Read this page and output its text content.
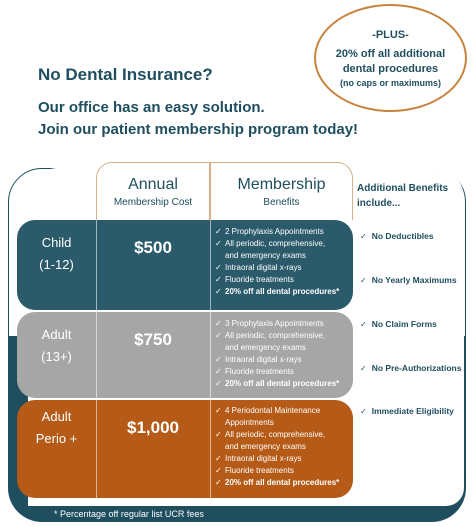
-PLUS-
20% off all additional dental procedures
(no caps or maximums)
No Dental Insurance?
Our office has an easy solution.
Join our patient membership program today!
Annual
Membership Cost
Membership
Benefits
Child
(1-12)
$500
✓ 2 Prophylaxis Appointments
✓ All periodic, comprehensive,
and emergency exams
✓ Intraoral digital x-rays
✓ Fluoride treatments
✓ 20% off all dental procedures*
Adult
(13+)
$750
✓ 3 Prophylaxis Appointments
✓ All periodic, comprehensive,
and emergency exams
✓ Intraoral digital x-rays
✓ Fluoride treatments
✓ 20% off all dental procedures*
Adult
Perio +
$1,000
✓ 4 Periodontal Maintenance
Appointments
✓ All periodic, comprehensive,
and emergency exams
✓ Intraoral digital x-rays
✓ Fluoride treatments
✓ 20% off all dental procedures*
Additional Benefits include...
✓ No Deductibles
✓ No Yearly Maximums
✓ No Claim Forms
✓ No Pre-Authorizations
✓ Immediate Eligibility
* Percentage off regular list UCR fees
